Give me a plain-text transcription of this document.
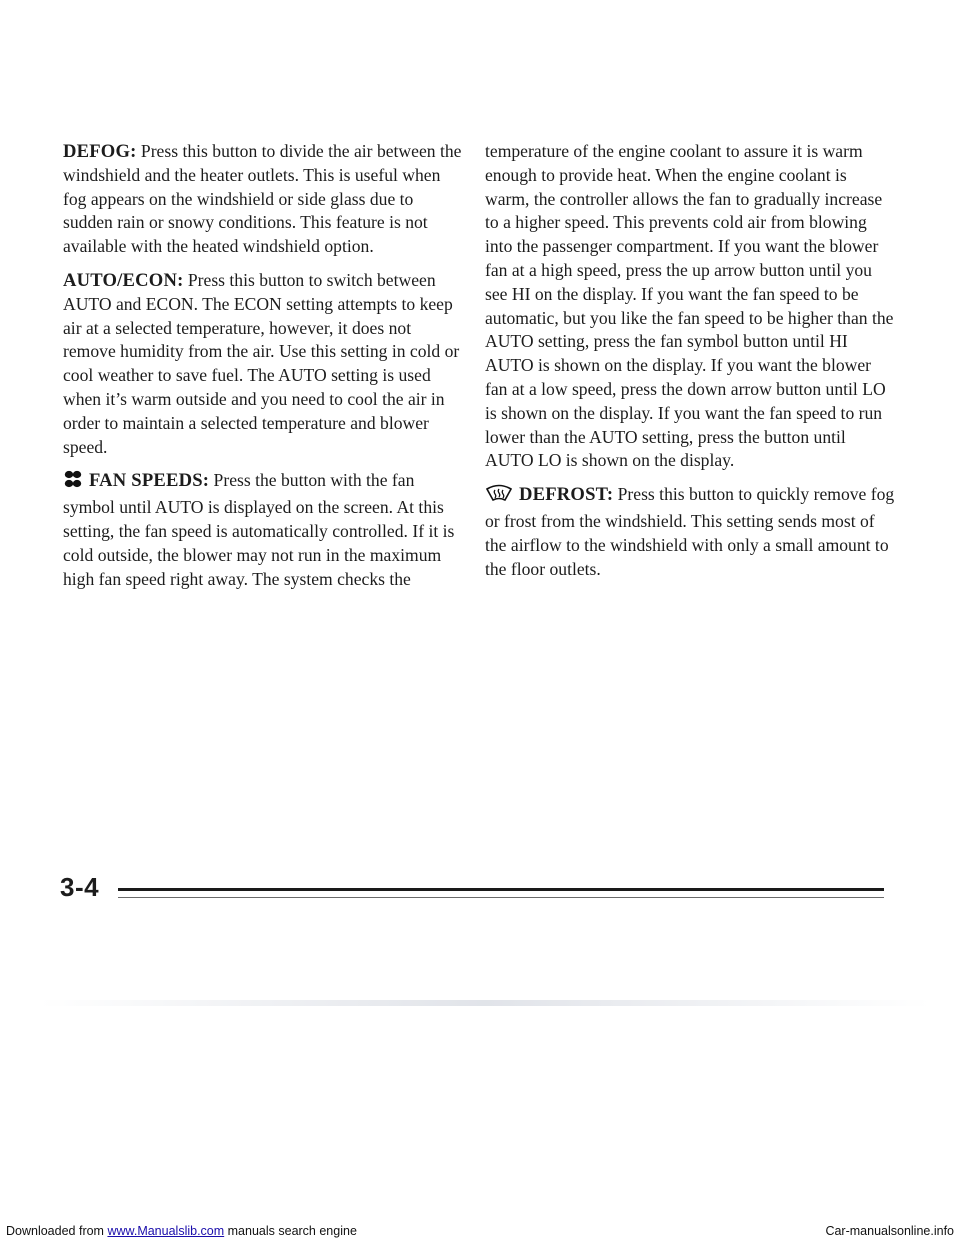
DEFOG: Press this button to divide the air between the windshield and the heater outlets. This is useful when fog appears on the windshield or side glass due to sudden rain or snowy conditions. This feature is not available with the heated windshield option.

AUTO/ECON: Press this button to switch between AUTO and ECON. The ECON setting attempts to keep air at a selected temperature, however, it does not remove humidity from the air. Use this setting in cold or cool weather to save fuel. The AUTO setting is used when it’s warm outside and you need to cool the air in order to maintain a selected temperature and blower speed.

FAN SPEEDS: Press the button with the fan symbol until AUTO is displayed on the screen. At this setting, the fan speed is automatically controlled. If it is cold outside, the blower may not run in the maximum high fan speed right away. The system checks the

temperature of the engine coolant to assure it is warm enough to provide heat. When the engine coolant is warm, the controller allows the fan to gradually increase to a higher speed. This prevents cold air from blowing into the passenger compartment. If you want the blower fan at a high speed, press the up arrow button until you see HI on the display. If you want the fan speed to be automatic, but you like the fan speed to be higher than the AUTO setting, press the fan symbol button until HI AUTO is shown on the display. If you want the blower fan at a low speed, press the down arrow button until LO is shown on the display. If you want the fan speed to run lower than the AUTO setting, press the button until AUTO LO is shown on the display.

DEFROST: Press this button to quickly remove fog or frost from the windshield. This setting sends most of the airflow to the windshield with only a small amount to the floor outlets.

3-4
Downloaded from www.Manualslib.com manuals search engine	Car-manualsonline.info
